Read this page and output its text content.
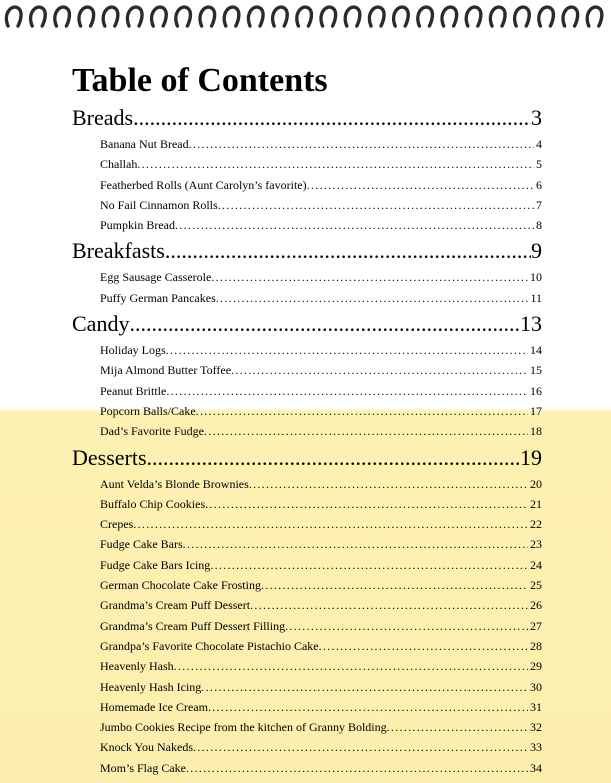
Table of Contents
Breads .....	3
Banana Nut Bread .....	4
Challah .....	5
Featherbed Rolls (Aunt Carolyn’s favorite) .....	6
No Fail Cinnamon Rolls .....	7
Pumpkin Bread .....	8
Breakfasts .....	9
Egg Sausage Casserole .....	10
Puffy German Pancakes .....	11
Candy .....	13
Holiday Logs .....	14
Mija Almond Butter Toffee .....	15
Peanut Brittle .....	16
Popcorn Balls/Cake .....	17
Dad’s Favorite Fudge .....	18
Desserts .....	19
Aunt Velda’s Blonde Brownies .....	20
Buffalo Chip Cookies .....	21
Crepes .....	22
Fudge Cake Bars .....	23
Fudge Cake Bars Icing .....	24
German Chocolate Cake Frosting .....	25
Grandma’s Cream Puff Dessert .....	26
Grandma’s Cream Puff Dessert Filling .....	27
Grandpa’s Favorite Chocolate Pistachio Cake .....	28
Heavenly Hash .....	29
Heavenly Hash Icing .....	30
Homemade Ice Cream .....	31
Jumbo Cookies Recipe from the kitchen of Granny Bolding .....	32
Knock You Nakeds .....	33
Mom’s Flag Cake .....	34
